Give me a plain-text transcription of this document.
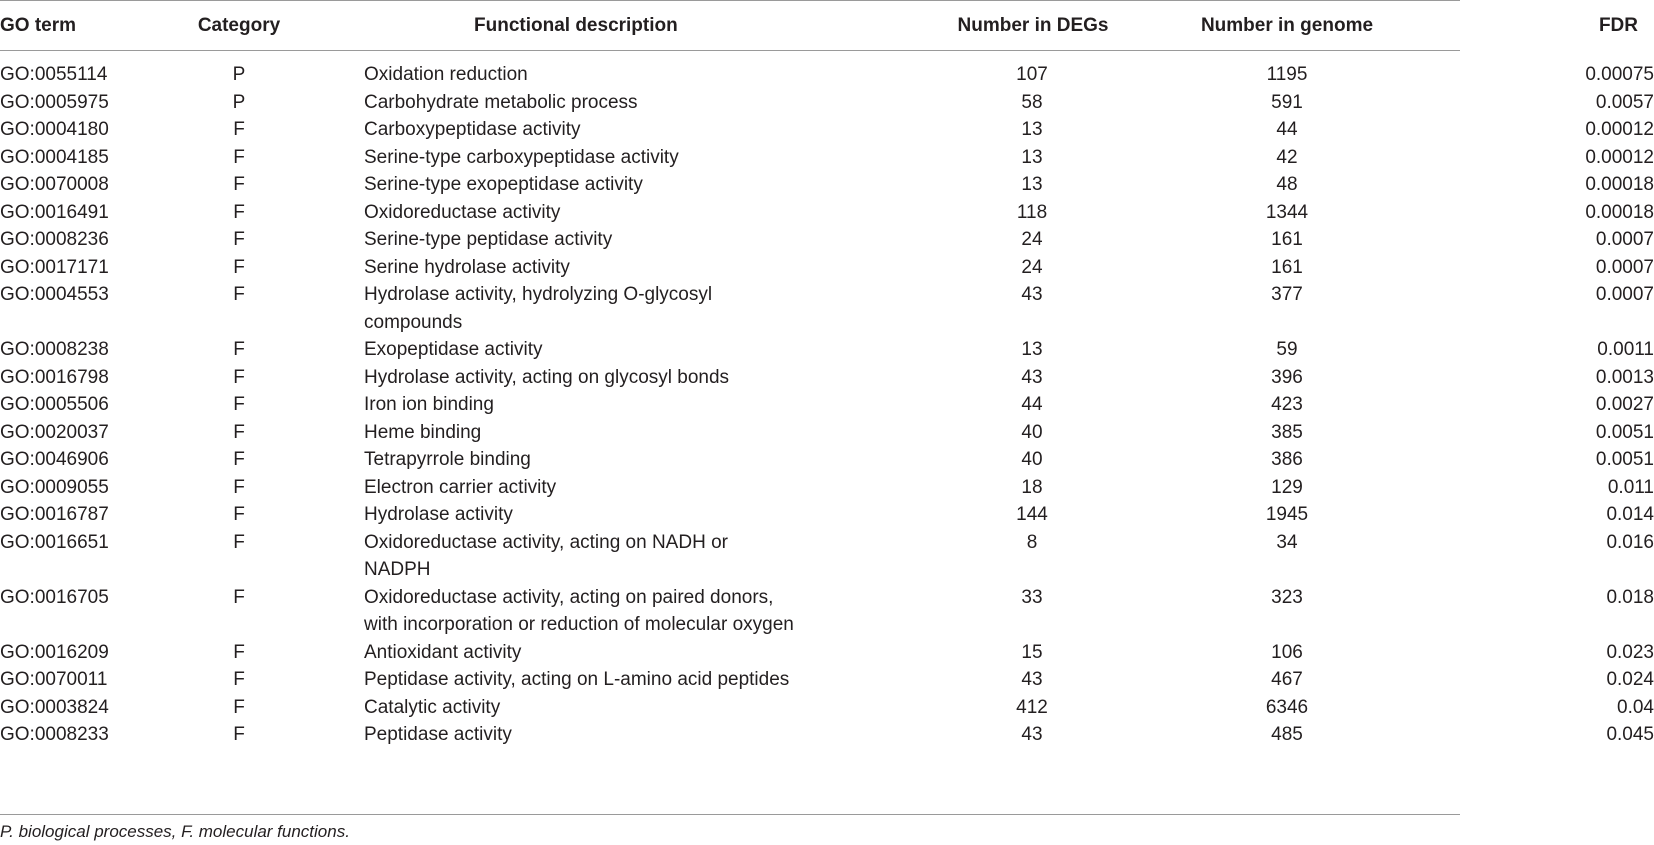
GO term	Category	Functional description	Number in DEGs	Number in genome	FDR
GO:0055114	P	Oxidation reduction	107	1195	0.00075
GO:0005975	P	Carbohydrate metabolic process	58	591	0.0057
GO:0004180	F	Carboxypeptidase activity	13	44	0.00012
GO:0004185	F	Serine-type carboxypeptidase activity	13	42	0.00012
GO:0070008	F	Serine-type exopeptidase activity	13	48	0.00018
GO:0016491	F	Oxidoreductase activity	118	1344	0.00018
GO:0008236	F	Serine-type peptidase activity	24	161	0.0007
GO:0017171	F	Serine hydrolase activity	24	161	0.0007
GO:0004553	F	Hydrolase activity, hydrolyzing O-glycosyl compounds	43	377	0.0007
GO:0008238	F	Exopeptidase activity	13	59	0.0011
GO:0016798	F	Hydrolase activity, acting on glycosyl bonds	43	396	0.0013
GO:0005506	F	Iron ion binding	44	423	0.0027
GO:0020037	F	Heme binding	40	385	0.0051
GO:0046906	F	Tetrapyrrole binding	40	386	0.0051
GO:0009055	F	Electron carrier activity	18	129	0.011
GO:0016787	F	Hydrolase activity	144	1945	0.014
GO:0016651	F	Oxidoreductase activity, acting on NADH or NADPH	8	34	0.016
GO:0016705	F	Oxidoreductase activity, acting on paired donors, with incorporation or reduction of molecular oxygen	33	323	0.018
GO:0016209	F	Antioxidant activity	15	106	0.023
GO:0070011	F	Peptidase activity, acting on L-amino acid peptides	43	467	0.024
GO:0003824	F	Catalytic activity	412	6346	0.04
GO:0008233	F	Peptidase activity	43	485	0.045
P. biological processes, F. molecular functions.
